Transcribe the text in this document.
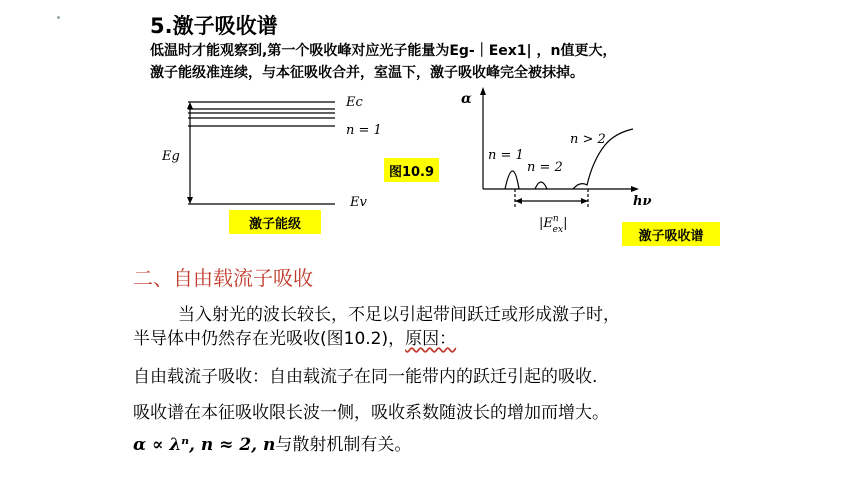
5.激子吸收谱
低温时才能观察到,第一个吸收峰对应光子能量为Eg-｜Eex1| ，n值更大，
激子能级准连续，与本征吸收合并，室温下，激子吸收峰完全被抹掉。
Ec
n = 1
Eg
Ev
激子能级
图10.9
α
n = 1
n = 2
n > 2
hν
$|E^n$ ex|
激子吸收谱
二、自由载流子吸收
当入射光的波长较长，不足以引起带间跃迁或形成激子时，
半导体中仍然存在光吸收(图10.2)，原因：
自由载流子吸收：自由载流子在同一能带内的跃迁引起的吸收.
吸收谱在本征吸收限长波一侧，吸收系数随波长的增加而增大。
α ∝ λⁿ, n ≈ 2, n与散射机制有关。
